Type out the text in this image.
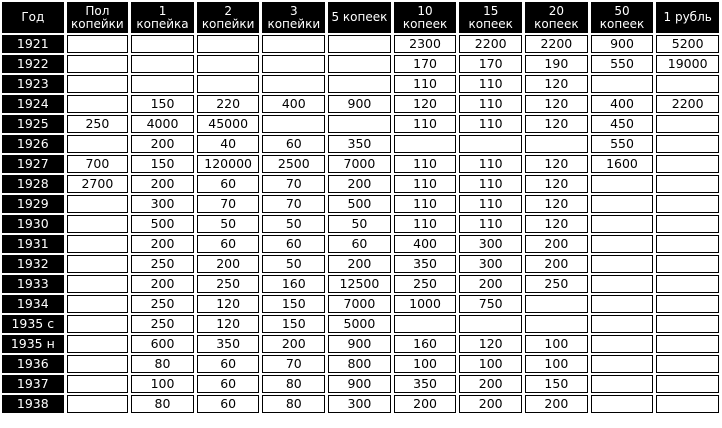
Год	Пол копейки	1 копейка	2 копейки	3 копейки	5 копеек	10 копеек	15 копеек	20 копеек	50 копеек	1 рубль
1921						2300	2200	2200	900	5200
1922						170	170	190	550	19000
1923						110	110	120		
1924		150	220	400	900	120	110	120	400	2200
1925	250	4000	45000			110	110	120	450	
1926		200	40	60	350				550	
1927	700	150	120000	2500	7000	110	110	120	1600	
1928	2700	200	60	70	200	110	110	120		
1929		300	70	70	500	110	110	120		
1930		500	50	50	50	110	110	120		
1931		200	60	60	60	400	300	200		
1932		250	200	50	200	350	300	200		
1933		200	250	160	12500	250	200	250		
1934		250	120	150	7000	1000	750			
1935 с		250	120	150	5000					
1935 н		600	350	200	900	160	120	100		
1936		80	60	70	800	100	100	100		
1937		100	60	80	900	350	200	150		
1938		80	60	80	300	200	200	200		
